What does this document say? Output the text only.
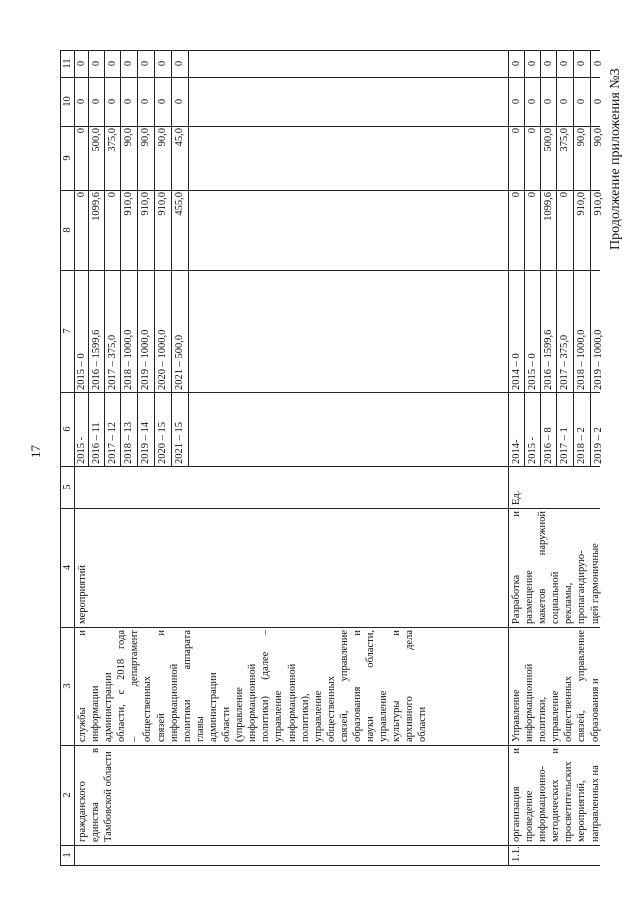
Продолжение приложения №3
17
1
2
3
4
5
6
7
8
9
10
11
гражданского единства в Тамбовской области
службы и информации администрации области, с 2018 года – департамент общественных связей и информационной политики аппарата главы администрации области (управление информационной политики) (далее – управление информационной политики), управление общественных связей, управление образования и науки области, управление культуры и архивного дела области
мероприятий
2015 - 2016 – 11 2017 – 12 2018 – 13 2019 – 14 2020 – 15 2021 – 15
2015 – 0 2016 – 1599,6 2017 – 375,0 2018 – 1000,0 2019 – 1000,0 2020 – 1000,0 2021 – 500,0
0 1099,6 0 910,0 910,0 910,0 455,0
0 500,0 375,0 90,0 90,0 90,0 45,0
0 0 0 0 0 0 0
0 0 0 0 0 0 0
1.1.
организация и проведение информационно- методических и просветительских мероприятий, направленных на
Управление информационной политики, управление общественных связей, управление образования и
Разработка и размещение макетов наружной социальной рекламы, пропагандирую- щей гармоничные
Ед.
2014- 2015 - 2016 – 8 2017 – 1 2018 – 2 2019 – 2
2014 – 0 2015 – 0 2016 – 1599,6 2017 – 375,0 2018 – 1000,0 2019 – 1000,0
0 0 1099,6 0 910,0 910,0
0 0 500,0 375,0 90,0 90,0
0 0 0 0 0 0
0 0 0 0 0 0
